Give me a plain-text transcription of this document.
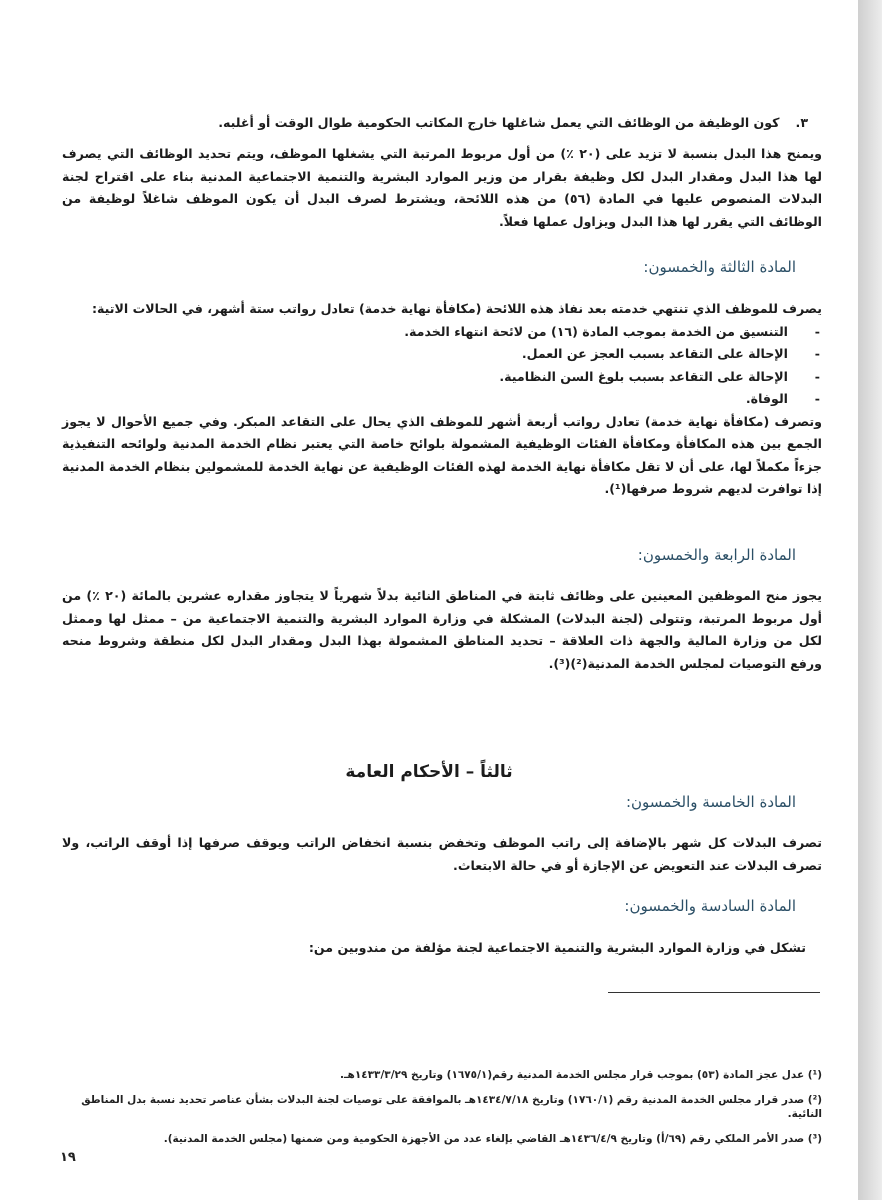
٣.كون الوظيفة من الوظائف التي يعمل شاغلها خارج المكاتب الحكومية طوال الوقت أو أغلبه.

ويمنح هذا البدل بنسبة لا تزيد على (٢٠ ٪) من أول مربوط المرتبة التي يشغلها الموظف، ويتم تحديد الوظائف التي يصرف لها هذا البدل ومقدار البدل لكل وظيفة بقرار من وزير الموارد البشرية والتنمية الاجتماعية المدنية بناء على اقتراح لجنة البدلات المنصوص عليها في المادة (٥٦) من هذه اللائحة، ويشترط لصرف البدل أن يكون الموظف شاغلاً لوظيفة من الوظائف التي يقرر لها هذا البدل ويزاول عملها فعلاً.

المادة الثالثة والخمسون:

يصرف للموظف الذي تنتهي خدمته بعد نفاذ هذه اللائحة (مكافأة نهاية خدمة) تعادل رواتب ستة أشهر، في الحالات الاتية:

-
التنسيق من الخدمة بموجب المادة (١٦) من لائحة انتهاء الخدمة.
-
الإحالة على التقاعد بسبب العجز عن العمل.
-
الإحالة على التقاعد بسبب بلوغ السن النظامية.
-
الوفاة.

وتصرف (مكافأة نهاية خدمة) تعادل رواتب أربعة أشهر للموظف الذي يحال على التقاعد المبكر. وفي جميع الأحوال لا يجوز الجمع بين هذه المكافأة ومكافأة الفئات الوظيفية المشمولة بلوائح خاصة التي يعتبر نظام الخدمة المدنية ولوائحه التنفيذية جزءاً مكملاً لها، على أن لا تقل مكافأة نهاية الخدمة لهذه الفئات الوظيفية عن نهاية الخدمة للمشمولين بنظام الخدمة المدنية إذا توافرت لديهم شروط صرفها(¹).

المادة الرابعة والخمسون:

يجوز منح الموظفين المعينين على وظائف ثابتة في المناطق النائية بدلاً شهرياً لا يتجاوز مقداره عشرين بالمائة (٢٠ ٪) من أول مربوط المرتبة، وتتولى (لجنة البدلات) المشكلة في وزارة الموارد البشرية والتنمية الاجتماعية من – ممثل لها وممثل لكل من وزارة المالية والجهة ذات العلاقة – تحديد المناطق المشمولة بهذا البدل ومقدار البدل لكل منطقة وشروط منحه ورفع التوصيات لمجلس الخدمة المدنية(²)(³).

ثالثاً – الأحكام العامة
المادة الخامسة والخمسون:

تصرف البدلات كل شهر بالإضافة إلى راتب الموظف وتخفض بنسبة انخفاض الراتب ويوقف صرفها إذا أوقف الراتب، ولا تصرف البدلات عند التعويض عن الإجازة أو في حالة الابتعاث.

المادة السادسة والخمسون:

تشكل في وزارة الموارد البشرية والتنمية الاجتماعية لجنة مؤلفة من مندوبين من:

(¹) عدل عجز المادة (٥٣) بموجب قرار مجلس الخدمة المدنية رقم(١٦٧٥/١) وتاريخ ١٤٣٣/٣/٢٩هـ.

(²) صدر قرار مجلس الخدمة المدنية رقم (١٧٦٠/١) وتاريخ ١٤٣٤/٧/١٨هـ بالموافقة على توصيات لجنة البدلات بشأن عناصر تحديد نسبة بدل المناطق النائية.

(³) صدر الأمر الملكي رقم (٦٩/أ) وتاريخ ١٤٣٦/٤/٩هـ القاضي بإلغاء عدد من الأجهزة الحكومية ومن ضمنها (مجلس الخدمة المدنية).

١٩
